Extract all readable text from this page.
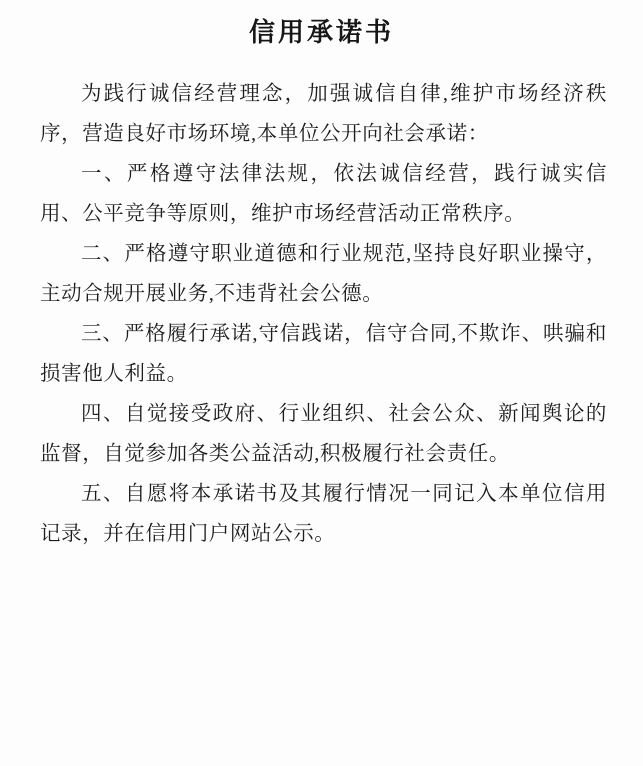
信用承诺书

为践行诚信经营理念，加强诚信自律,维护市场经济秩序，营造良好市场环境,本单位公开向社会承诺：

一、严格遵守法律法规，依法诚信经营，践行诚实信用、公平竞争等原则，维护市场经营活动正常秩序。

二、严格遵守职业道德和行业规范,坚持良好职业操守，主动合规开展业务,不违背社会公德。

三、严格履行承诺,守信践诺，信守合同,不欺诈、哄骗和损害他人利益。

四、自觉接受政府、行业组织、社会公众、新闻舆论的监督，自觉参加各类公益活动,积极履行社会责任。

五、自愿将本承诺书及其履行情况一同记入本单位信用记录，并在信用门户网站公示。
